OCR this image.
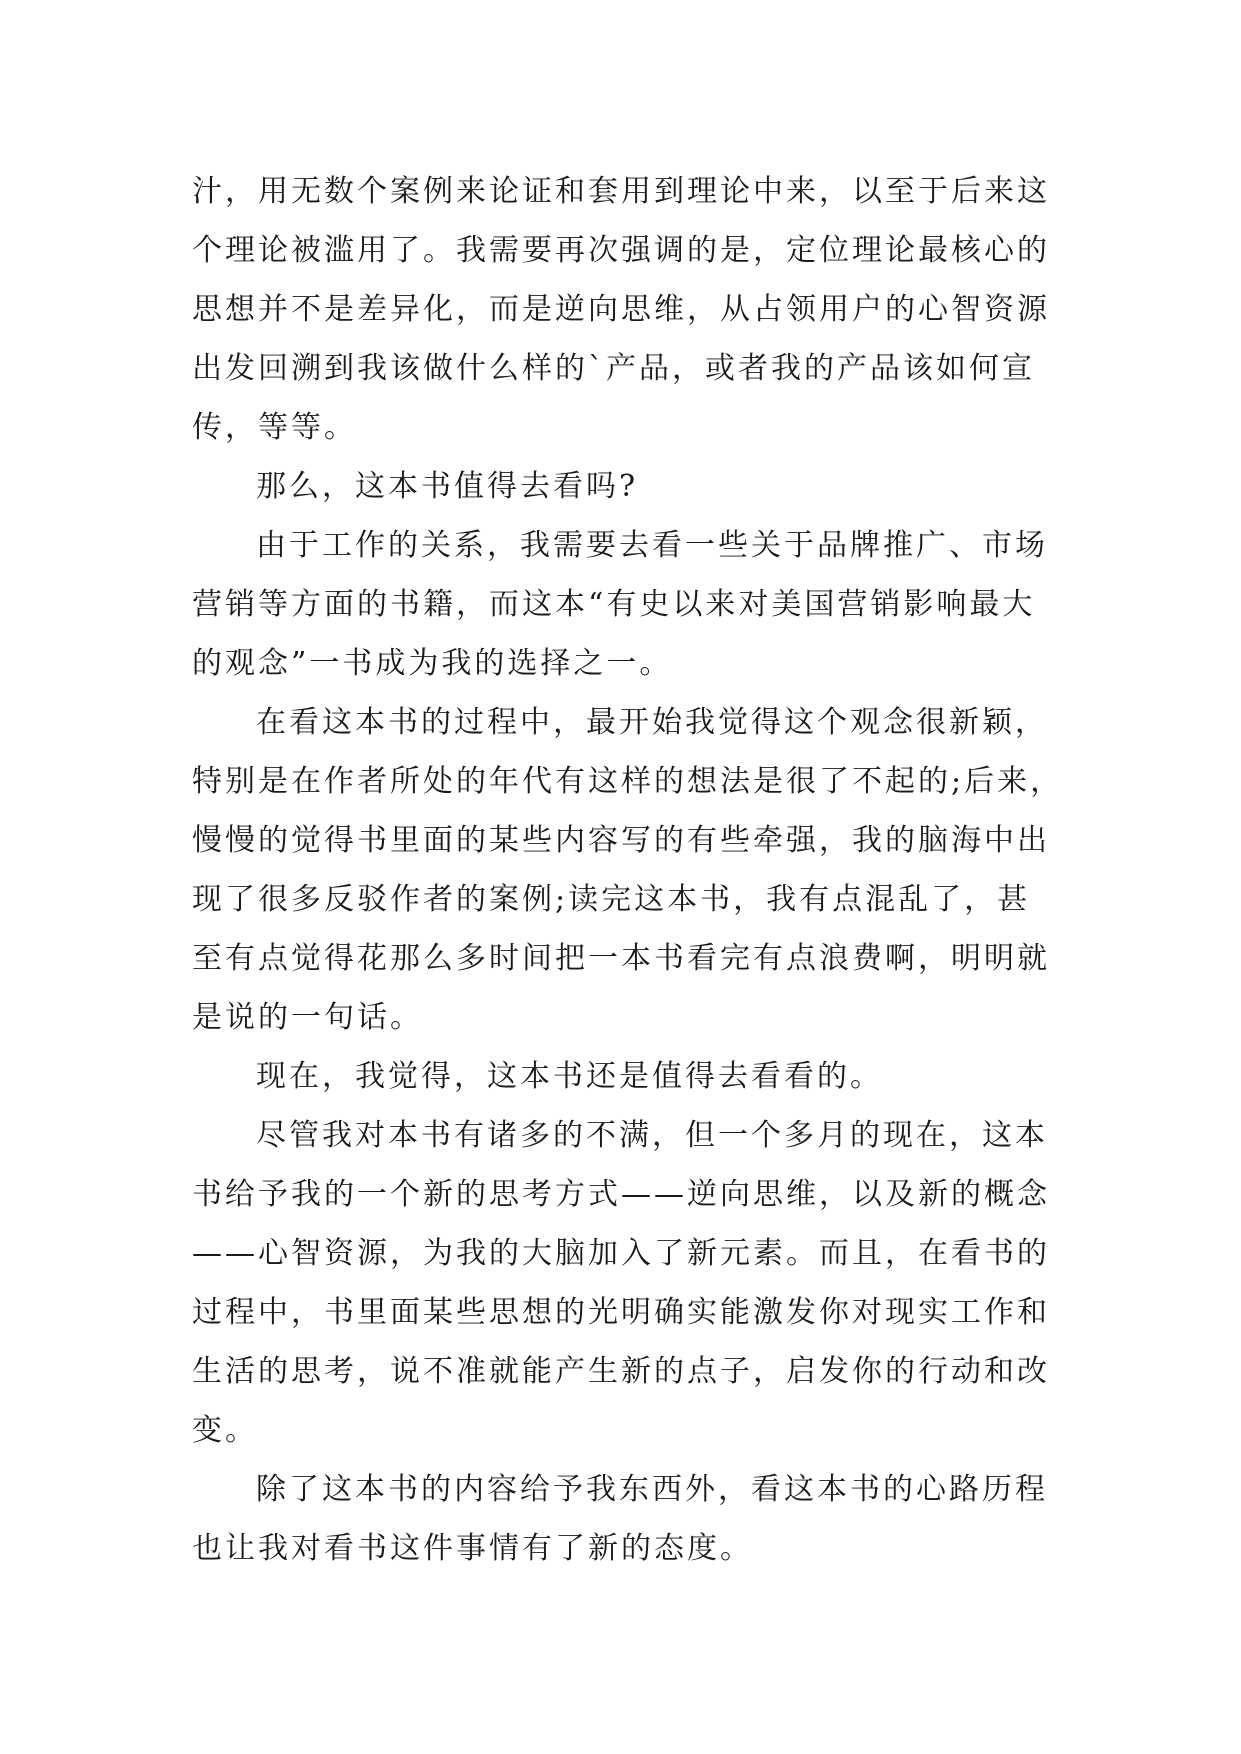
汁，用无数个案例来论证和套用到理论中来，以至于后来这
个理论被滥用了。我需要再次强调的是，定位理论最核心的
思想并不是差异化，而是逆向思维，从占领用户的心智资源
出发回溯到我该做什么样的`产品，或者我的产品该如何宣
传，等等。

那么，这本书值得去看吗?

由于工作的关系，我需要去看一些关于品牌推广、市场
营销等方面的书籍，而这本“有史以来对美国营销影响最大
的观念”一书成为我的选择之一。

在看这本书的过程中，最开始我觉得这个观念很新颖，
特别是在作者所处的年代有这样的想法是很了不起的;后来，
慢慢的觉得书里面的某些内容写的有些牵强，我的脑海中出
现了很多反驳作者的案例;读完这本书，我有点混乱了，甚
至有点觉得花那么多时间把一本书看完有点浪费啊，明明就
是说的一句话。

现在，我觉得，这本书还是值得去看看的。

尽管我对本书有诸多的不满，但一个多月的现在，这本
书给予我的一个新的思考方式——逆向思维，以及新的概念
——心智资源，为我的大脑加入了新元素。而且，在看书的
过程中，书里面某些思想的光明确实能激发你对现实工作和
生活的思考，说不准就能产生新的点子，启发你的行动和改
变。

除了这本书的内容给予我东西外，看这本书的心路历程
也让我对看书这件事情有了新的态度。
